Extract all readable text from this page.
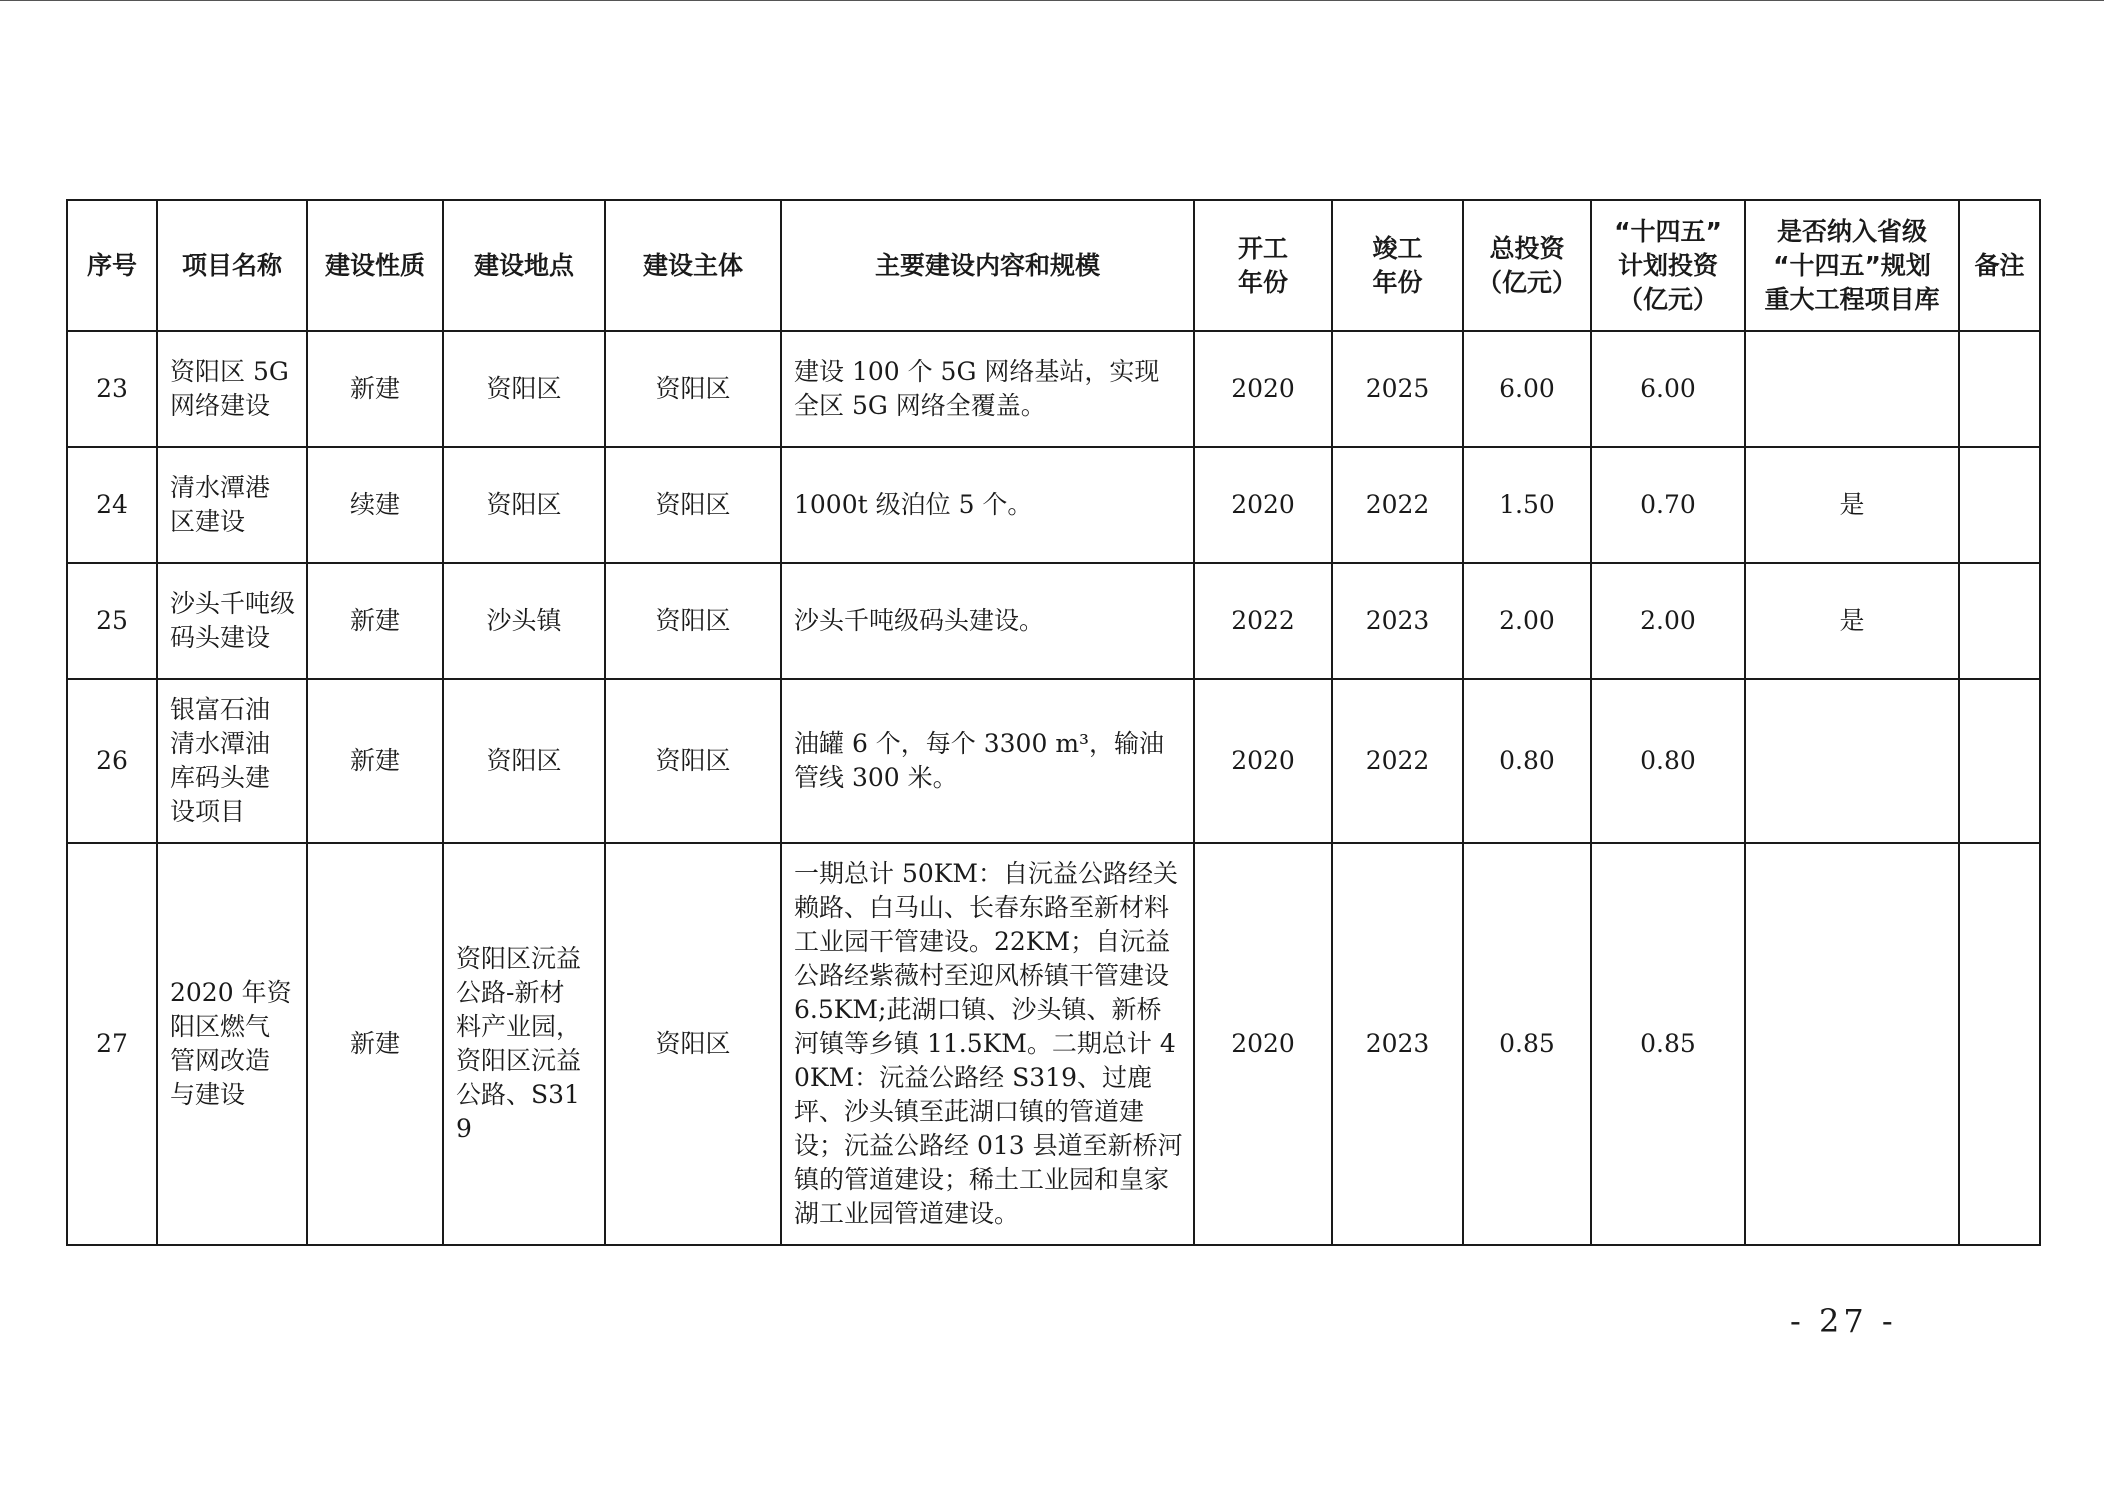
序号	项目名称	建设性质	建设地点	建设主体	主要建设内容和规模	开工
年份	竣工
年份	总投资
（亿元）	“十四五”
计划投资
（亿元）	是否纳入省级
“十四五”规划
重大工程项目库	备注
23	资阳区 5G
网络建设	新建	资阳区	资阳区	建设 100 个 5G 网络基站，实现全区 5G 网络全覆盖。	2020	2025	6.00	6.00		
24	清水潭港
区建设	续建	资阳区	资阳区	1000t 级泊位 5 个。	2020	2022	1.50	0.70	是	
25	沙头千吨级
码头建设	新建	沙头镇	资阳区	沙头千吨级码头建设。	2022	2023	2.00	2.00	是	
26	银富石油
清水潭油
库码头建
设项目	新建	资阳区	资阳区	油罐 6 个，每个 3300 m³，输油管线 300 米。	2020	2022	0.80	0.80		
27	2020 年资
阳区燃气
管网改造
与建设	新建	资阳区沅益
公路-新材
料产业园，
资阳区沅益
公路、S319	资阳区	一期总计 50KM：自沅益公路经关赖路、白马山、长春东路至新材料工业园干管建设。22KM；自沅益公路经紫薇村至迎风桥镇干管建设 6.5KM;茈湖口镇、沙头镇、新桥河镇等乡镇 11.5KM。二期总计 40KM：沅益公路经 S319、过鹿坪、沙头镇至茈湖口镇的管道建设；沅益公路经 013 县道至新桥河镇的管道建设；稀土工业园和皇家湖工业园管道建设。	2020	2023	0.85	0.85		
- 27 -
